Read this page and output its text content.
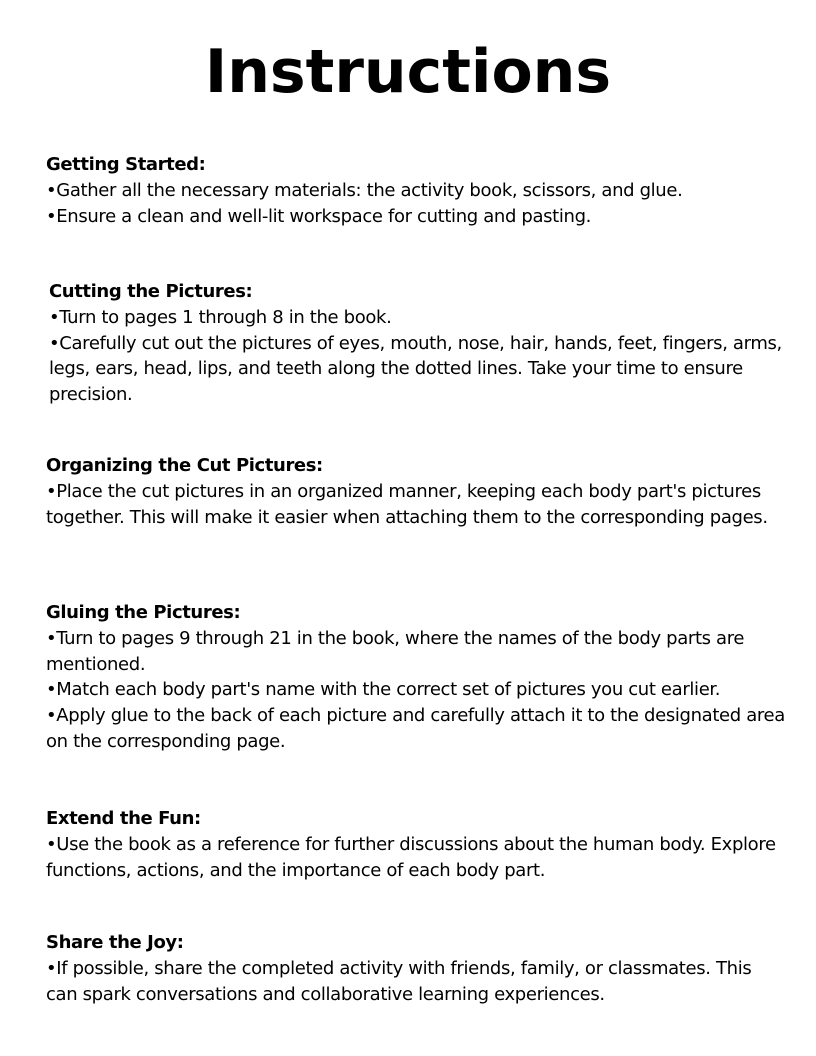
Instructions

Getting Started:

•Gather all the necessary materials: the activity book, scissors, and glue.

•Ensure a clean and well-lit workspace for cutting and pasting.

Cutting the Pictures:

•Turn to pages 1 through 8 in the book.

•Carefully cut out the pictures of eyes, mouth, nose, hair, hands, feet, fingers, arms, legs, ears, head, lips, and teeth along the dotted lines. Take your time to ensure precision.

Organizing the Cut Pictures:

•Place the cut pictures in an organized manner, keeping each body part's pictures together. This will make it easier when attaching them to the corresponding pages.

Gluing the Pictures:

•Turn to pages 9 through 21 in the book, where the names of the body parts are mentioned.

•Match each body part's name with the correct set of pictures you cut earlier.

•Apply glue to the back of each picture and carefully attach it to the designated area on the corresponding page.

Extend the Fun:

•Use the book as a reference for further discussions about the human body. Explore functions, actions, and the importance of each body part.

Share the Joy:

•If possible, share the completed activity with friends, family, or classmates. This can spark conversations and collaborative learning experiences.
